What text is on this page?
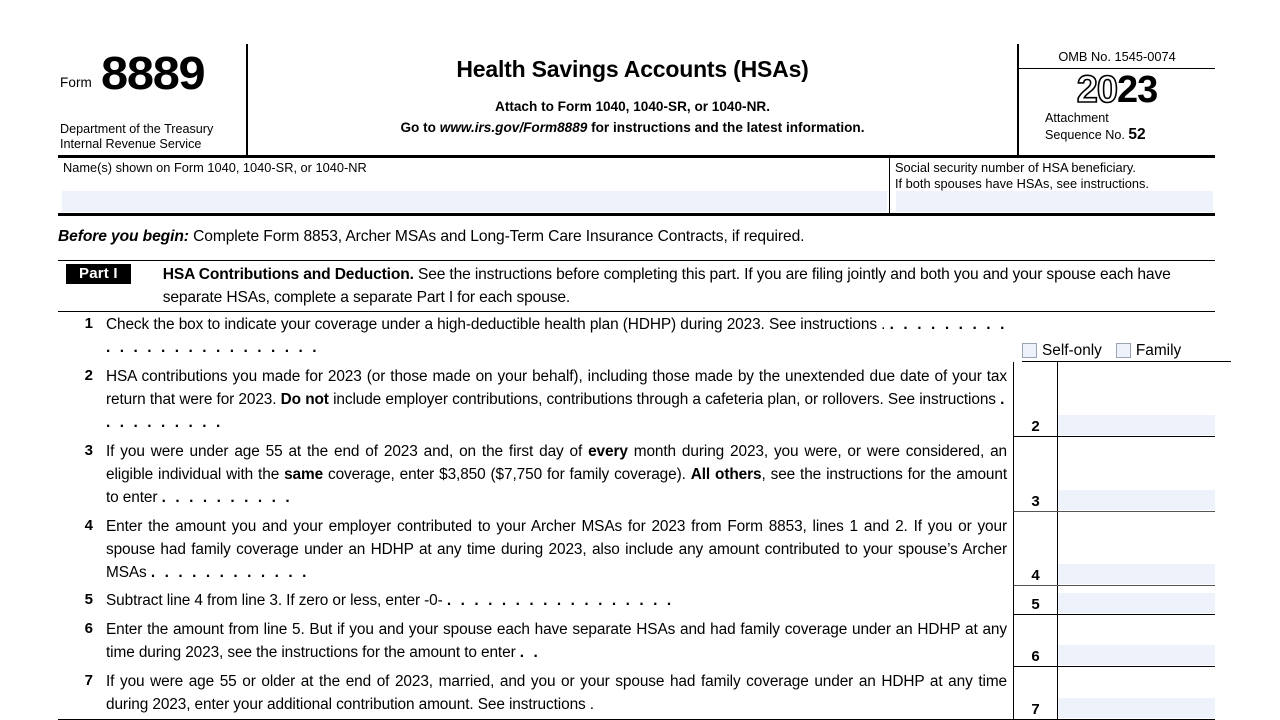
Form 8889
Department of the Treasury
Internal Revenue Service
Health Savings Accounts (HSAs)
Attach to Form 1040, 1040-SR, or 1040-NR.
Go to www.irs.gov/Form8889 for instructions and the latest information.
OMB No. 1545-0074
20 23
Attachment
Sequence No. 52
Name(s) shown on Form 1040, 1040-SR, or 1040-NR	Social security number of HSA beneficiary.
If both spouses have HSAs, see instructions.
Before you begin: Complete Form 8853, Archer MSAs and Long-Term Care Insurance Contracts, if required.
Part I	HSA Contributions and Deduction. See the instructions before completing this part. If you are filing jointly and both you and your spouse each have separate HSAs, complete a separate Part I for each spouse.
1 Check the box to indicate your coverage under a high-deductible health plan (HDHP) during 2023. See instructions . . . . . . . . . . . . . . . . . . . . . . . . . .	Self-only Family
2 HSA contributions you made for 2023 (or those made on your behalf), including those made by the unextended due date of your tax return that were for 2023. Do not include employer contributions, contributions through a cafeteria plan, or rollovers. See instructions . . . . . . . . . .	2
3 If you were under age 55 at the end of 2023 and, on the first day of every month during 2023, you were, or were considered, an eligible individual with the same coverage, enter $3,850 ($7,750 for family coverage). All others, see the instructions for the amount to enter . . . . . . . . . .	3
4 Enter the amount you and your employer contributed to your Archer MSAs for 2023 from Form 8853, lines 1 and 2. If you or your spouse had family coverage under an HDHP at any time during 2023, also include any amount contributed to your spouse’s Archer MSAs . . . . . . . . . . . .	4
5 Subtract line 4 from line 3. If zero or less, enter -0- . . . . . . . . . . . . . . . . .	5
6 Enter the amount from line 5. But if you and your spouse each have separate HSAs and had family coverage under an HDHP at any time during 2023, see the instructions for the amount to enter . .	6
7 If you were age 55 or older at the end of 2023, married, and you or your spouse had family coverage under an HDHP at any time during 2023, enter your additional contribution amount. See instructions .	7
